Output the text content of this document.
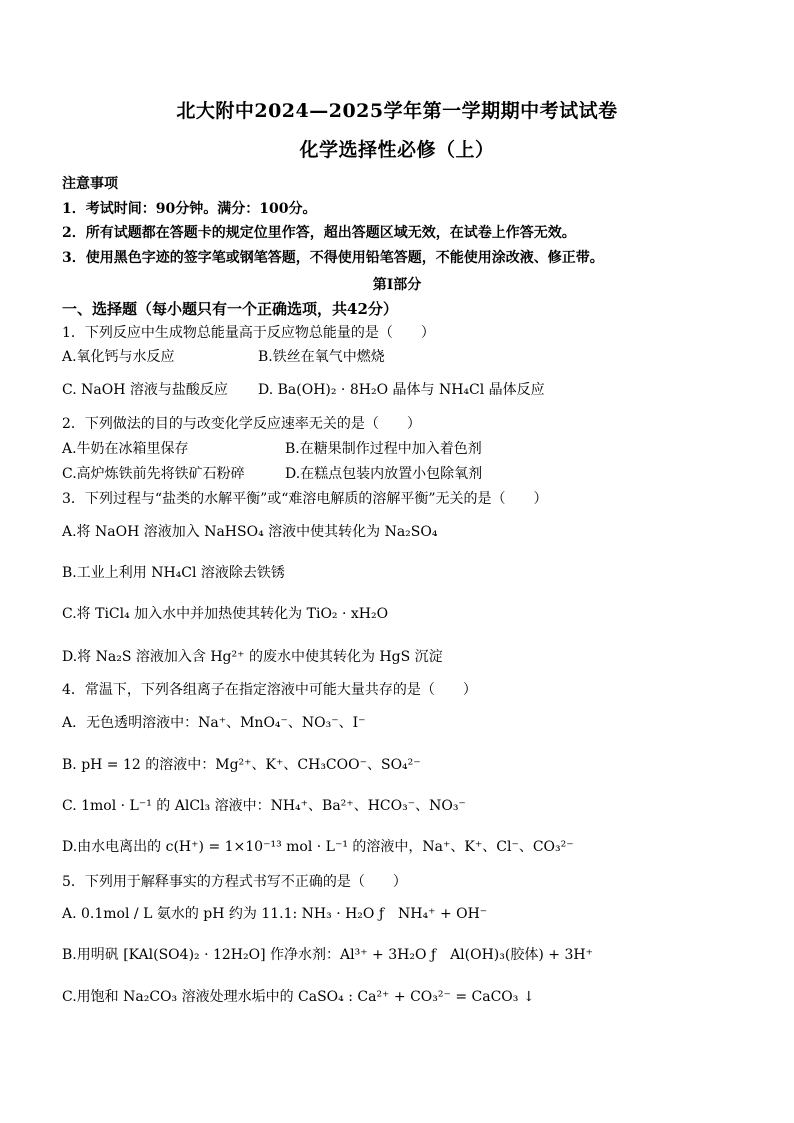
北大附中2024—2025学年第一学期期中考试试卷
化学选择性必修（上）
注意事项
1．考试时间：90分钟。满分：100分。
2．所有试题都在答题卡的规定位里作答，超出答题区域无效，在试卷上作答无效。
3．使用黑色字迹的签字笔或钢笔答题，不得使用铅笔答题，不能使用涂改液、修正带。
第I部分
一、选择题（每小题只有一个正确选项，共42分）
1．下列反应中生成物总能量高于反应物总能量的是（　　）
A.氧化钙与水反应	B.铁丝在氧气中燃烧
C. NaOH 溶液与盐酸反应 D. Ba(OH)₂ · 8H₂O 晶体与 NH₄Cl 晶体反应
2．下列做法的目的与改变化学反应速率无关的是（　　）
A.牛奶在冰箱里保存	B.在糖果制作过程中加入着色剂
C.高炉炼铁前先将铁矿石粉碎	D.在糕点包装内放置小包除氧剂
3．下列过程与“盐类的水解平衡”或“难溶电解质的溶解平衡”无关的是（　　）
A.将 NaOH 溶液加入 NaHSO₄ 溶液中使其转化为 Na₂SO₄
B.工业上利用 NH₄Cl 溶液除去铁锈
C.将 TiCl₄ 加入水中并加热使其转化为 TiO₂ · xH₂O
D.将 Na₂S 溶液加入含 Hg²⁺ 的废水中使其转化为 HgS 沉淀
4．常温下，下列各组离子在指定溶液中可能大量共存的是（　　）
A．无色透明溶液中：Na⁺、MnO₄⁻、NO₃⁻、I⁻
B. pH = 12 的溶液中：Mg²⁺、K⁺、CH₃COO⁻、SO₄²⁻
C. 1mol · L⁻¹ 的 AlCl₃ 溶液中：NH₄⁺、Ba²⁺、HCO₃⁻、NO₃⁻
D.由水电离出的 c(H⁺) = 1×10⁻¹³ mol · L⁻¹ 的溶液中，Na⁺、K⁺、Cl⁻、CO₃²⁻
5．下列用于解释事实的方程式书写不正确的是（　　）
A. 0.1mol / L 氨水的 pH 约为 11.1: NH₃ · H₂O ƒ　NH₄⁺ + OH⁻
B.用明矾 [KAl(SO4)₂ · 12H₂O] 作净水剂：Al³⁺ + 3H₂O ƒ　Al(OH)₃(胶体) + 3H⁺
C.用饱和 Na₂CO₃ 溶液处理水垢中的 CaSO₄ : Ca²⁺ + CO₃²⁻ = CaCO₃ ↓
